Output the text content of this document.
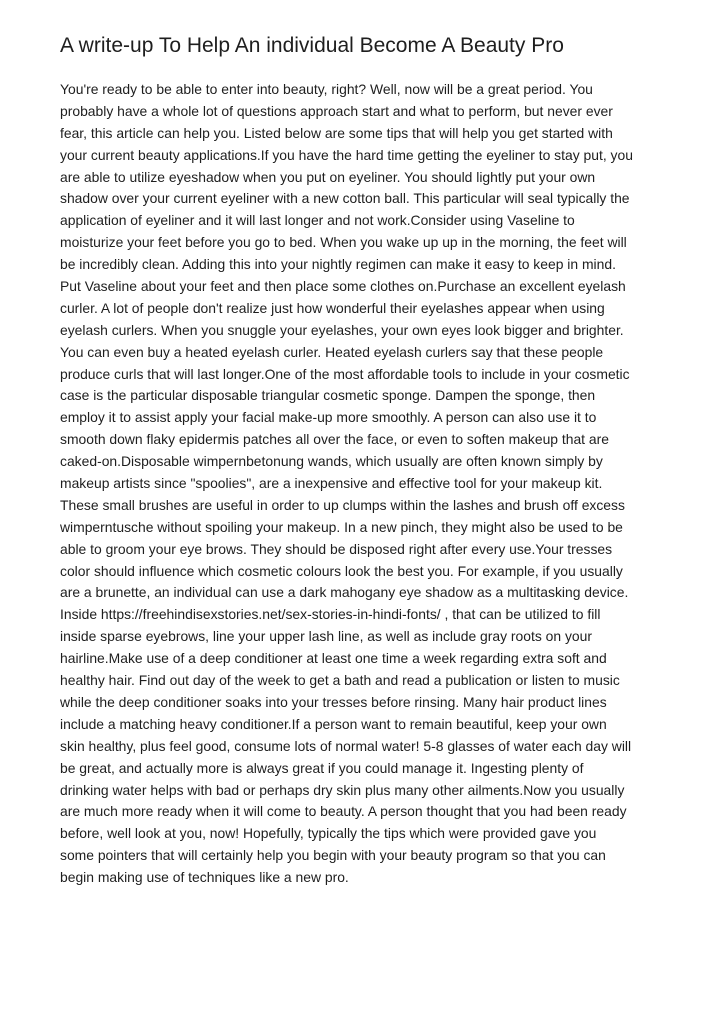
A write-up To Help An individual Become A Beauty Pro
You're ready to be able to enter into beauty, right? Well, now will be a great period. You
probably have a whole lot of questions approach start and what to perform, but never ever
fear, this article can help you. Listed below are some tips that will help you get started with
your current beauty applications.If you have the hard time getting the eyeliner to stay put, you
are able to utilize eyeshadow when you put on eyeliner. You should lightly put your own
shadow over your current eyeliner with a new cotton ball. This particular will seal typically the
application of eyeliner and it will last longer and not work.Consider using Vaseline to
moisturize your feet before you go to bed. When you wake up up in the morning, the feet will
be incredibly clean. Adding this into your nightly regimen can make it easy to keep in mind.
Put Vaseline about your feet and then place some clothes on.Purchase an excellent eyelash
curler. A lot of people don't realize just how wonderful their eyelashes appear when using
eyelash curlers. When you snuggle your eyelashes, your own eyes look bigger and brighter.
You can even buy a heated eyelash curler. Heated eyelash curlers say that these people
produce curls that will last longer.One of the most affordable tools to include in your cosmetic
case is the particular disposable triangular cosmetic sponge. Dampen the sponge, then
employ it to assist apply your facial make-up more smoothly. A person can also use it to
smooth down flaky epidermis patches all over the face, or even to soften makeup that are
caked-on.Disposable wimpernbetonung wands, which usually are often known simply by
makeup artists since "spoolies", are a inexpensive and effective tool for your makeup kit.
These small brushes are useful in order to up clumps within the lashes and brush off excess
wimperntusche without spoiling your makeup. In a new pinch, they might also be used to be
able to groom your eye brows. They should be disposed right after every use.Your tresses
color should influence which cosmetic colours look the best you. For example, if you usually
are a brunette, an individual can use a dark mahogany eye shadow as a multitasking device.
Inside https://freehindisexstories.net/sex-stories-in-hindi-fonts/ , that can be utilized to fill
inside sparse eyebrows, line your upper lash line, as well as include gray roots on your
hairline.Make use of a deep conditioner at least one time a week regarding extra soft and
healthy hair. Find out day of the week to get a bath and read a publication or listen to music
while the deep conditioner soaks into your tresses before rinsing. Many hair product lines
include a matching heavy conditioner.If a person want to remain beautiful, keep your own
skin healthy, plus feel good, consume lots of normal water! 5-8 glasses of water each day will
be great, and actually more is always great if you could manage it. Ingesting plenty of
drinking water helps with bad or perhaps dry skin plus many other ailments.Now you usually
are much more ready when it will come to beauty. A person thought that you had been ready
before, well look at you, now! Hopefully, typically the tips which were provided gave you
some pointers that will certainly help you begin with your beauty program so that you can
begin making use of techniques like a new pro.
